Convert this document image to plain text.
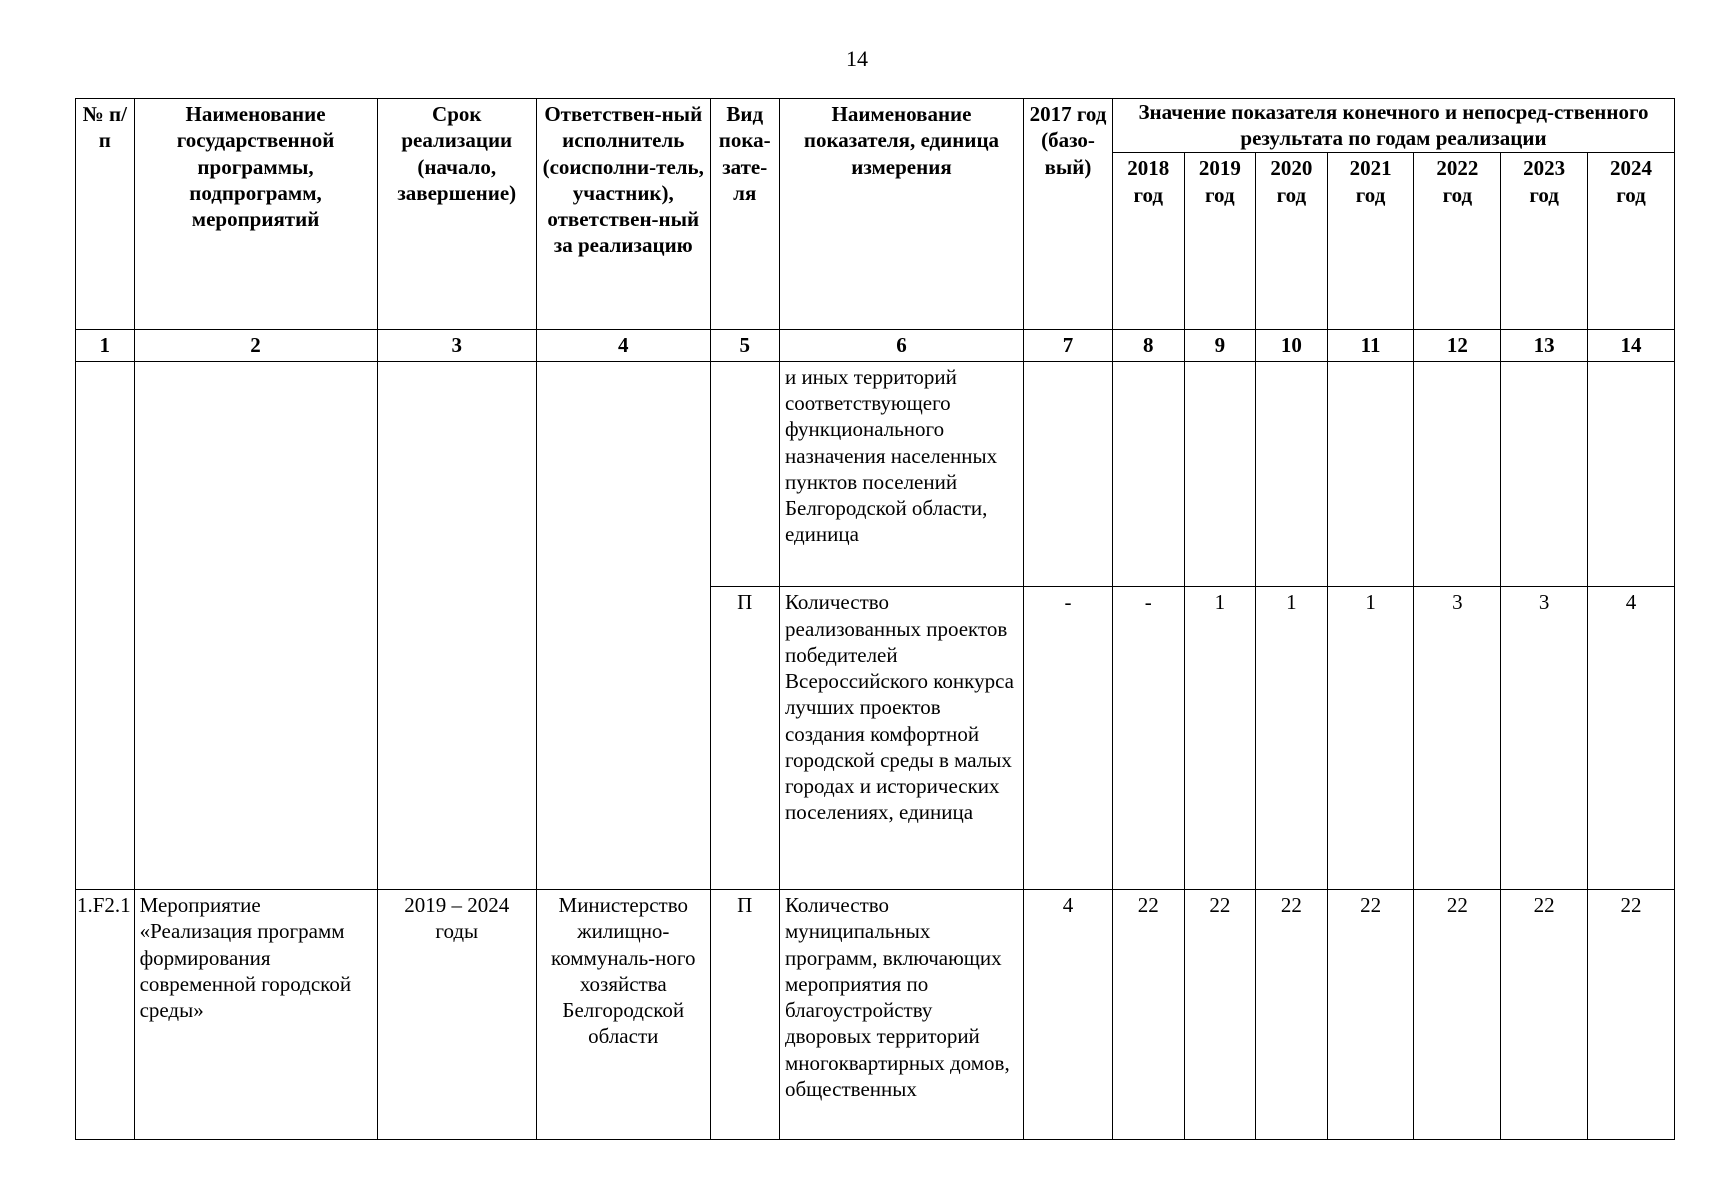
14
№ п/п	Наименование государственной программы, подпрограмм, мероприятий	Срок реализации (начало, завершение)	Ответствен-ный исполнитель (соисполни-тель, участник), ответствен-ный за реализацию	Вид пока-зате-ля	Наименование показателя, единица измерения	2017 год (базо-вый)	Значение показателя конечного и непосред-ственного результата по годам реализации						
							2018 год	2019 год	2020 год	2021 год	2022 год	2023 год	2024 год
1	2	3	4	5	6	7	8	9	10	11	12	13	14
					и иных территорий соответствующего функционального назначения населенных пунктов поселений Белгородской области, единица								
				П	Количество реализованных проектов победителей Всероссийского конкурса лучших проектов создания комфортной городской среды в малых городах и исторических поселениях, единица	-	-	1	1	1	3	3	4
1.F2.1	Мероприятие «Реализация программ формирования современной городской среды»	2019 – 2024 годы	Министерство жилищно-коммуналь-ного хозяйства Белгородской области	П	Количество муниципальных программ, включающих мероприятия по благоустройству дворовых территорий многоквартирных домов, общественных	4	22	22	22	22	22	22	22
